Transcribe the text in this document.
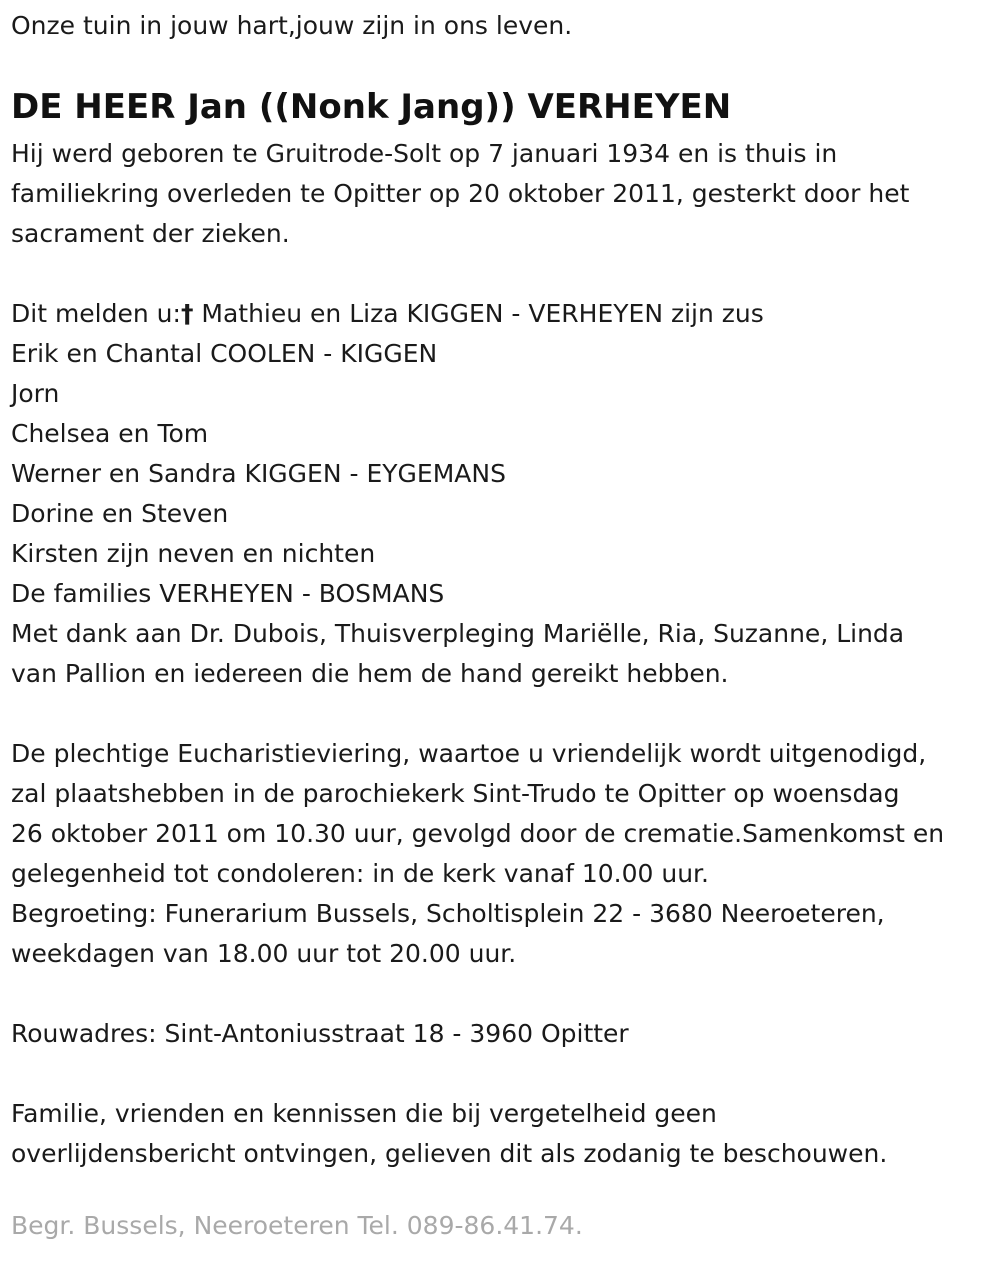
Onze tuin in jouw hart,jouw zijn in ons leven.
DE HEER Jan ((Nonk Jang)) VERHEYEN
Hij werd geboren te Gruitrode-Solt op 7 januari 1934 en is thuis in
familiekring overleden te Opitter op 20 oktober 2011, gesterkt door het
sacrament der zieken.
Dit melden u:† Mathieu en Liza KIGGEN - VERHEYEN zijn zus
Erik en Chantal COOLEN - KIGGEN
Jorn
Chelsea en Tom
Werner en Sandra KIGGEN - EYGEMANS
Dorine en Steven
Kirsten zijn neven en nichten
De families VERHEYEN - BOSMANS
Met dank aan Dr. Dubois, Thuisverpleging Mariëlle, Ria, Suzanne, Linda
van Pallion en iedereen die hem de hand gereikt hebben.
De plechtige Eucharistieviering, waartoe u vriendelijk wordt uitgenodigd,
zal plaatshebben in de parochiekerk Sint-Trudo te Opitter op woensdag
26 oktober 2011 om 10.30 uur, gevolgd door de crematie.Samenkomst en
gelegenheid tot condoleren: in de kerk vanaf 10.00 uur.
Begroeting: Funerarium Bussels, Scholtisplein 22 - 3680 Neeroeteren,
weekdagen van 18.00 uur tot 20.00 uur.
Rouwadres: Sint-Antoniusstraat 18 - 3960 Opitter
Familie, vrienden en kennissen die bij vergetelheid geen
overlijdensbericht ontvingen, gelieven dit als zodanig te beschouwen.
Begr. Bussels, Neeroeteren Tel. 089-86.41.74.
